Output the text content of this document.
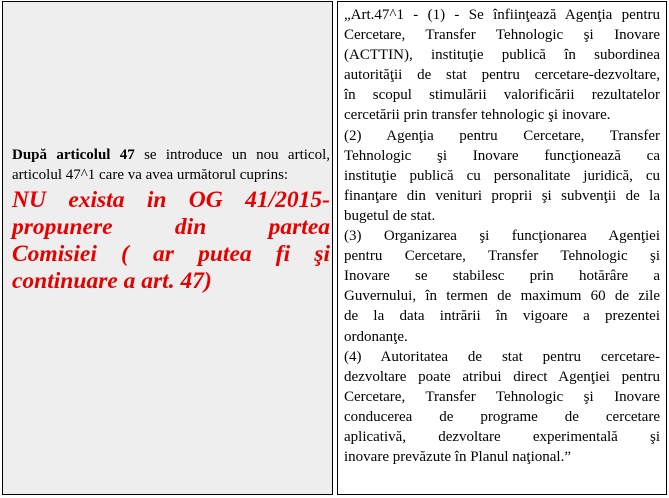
După articolul 47 se introduce un nou articol, articolul 47^1 care va avea următorul cuprins:

NU exista in OG 41/2015-
propunere din partea
Comisiei ( ar putea fi şi
continuare a art. 47)
„Art.47^1 - (1) - Se înfiinţează Agenţia pentru
Cercetare, Transfer Tehnologic şi Inovare
(ACTTIN), instituţie publică în subordinea
autorităţii de stat pentru cercetare-dezvoltare,
în scopul stimulării valorificării rezultatelor
cercetării prin transfer tehnologic şi inovare.
(2) Agenţia pentru Cercetare, Transfer
Tehnologic şi Inovare funcţionează ca
instituţie publică cu personalitate juridică, cu
finanţare din venituri proprii şi subvenţii de la
bugetul de stat.
(3) Organizarea şi funcţionarea Agenţiei
pentru Cercetare, Transfer Tehnologic şi
Inovare se stabilesc prin hotărâre a
Guvernului, în termen de maximum 60 de zile
de la data intrării în vigoare a prezentei
ordonanţe.
(4) Autoritatea de stat pentru cercetare-
dezvoltare poate atribui direct Agenţiei pentru
Cercetare, Transfer Tehnologic şi Inovare
conducerea de programe de cercetare
aplicativă, dezvoltare experimentală şi
inovare prevăzute în Planul naţional.”
